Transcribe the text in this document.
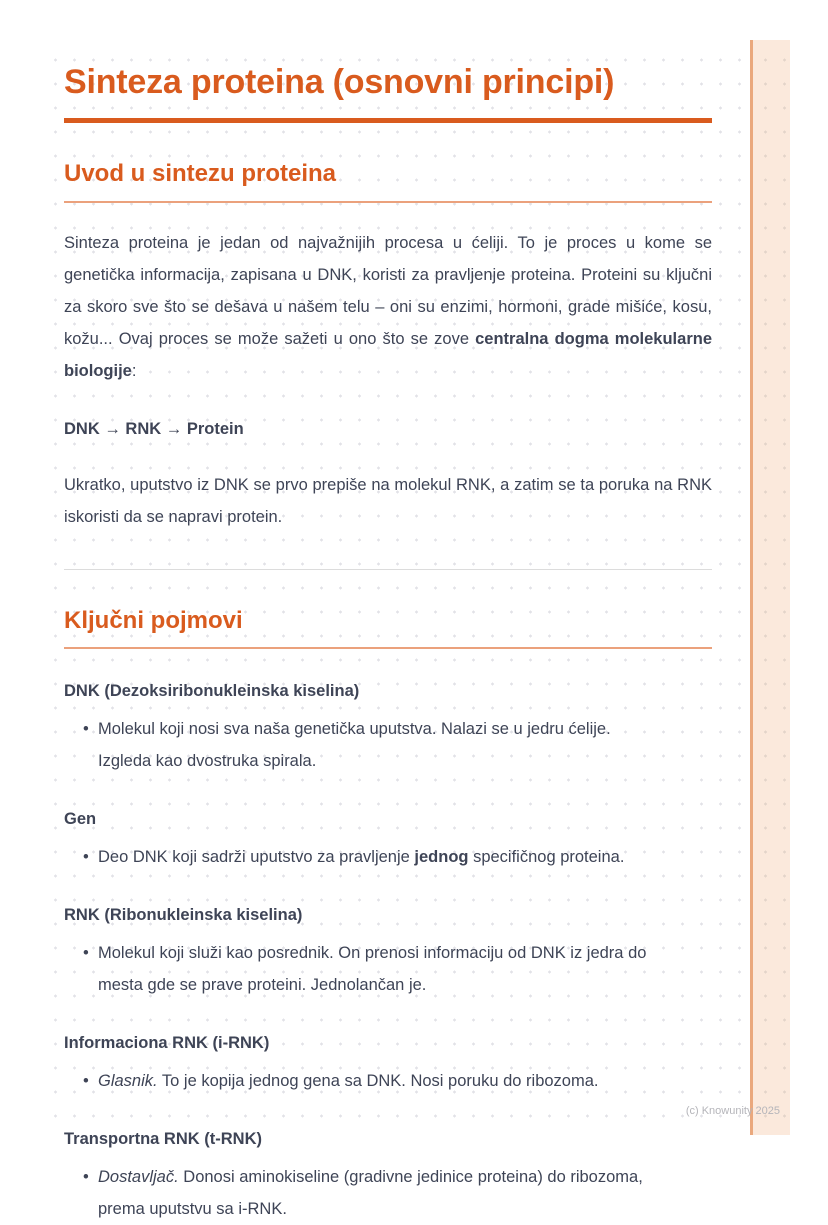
Sinteza proteina (osnovni principi)
Uvod u sintezu proteina

Sinteza proteina je jedan od najvažnijih procesa u ćeliji. To je proces u kome se genetička informacija, zapisana u DNK, koristi za pravljenje proteina. Proteini su ključni za skoro sve što se dešava u našem telu – oni su enzimi, hormoni, grade mišiće, kosu, kožu... Ovaj proces se može sažeti u ono što se zove centralna dogma molekularne biologije:

DNK → RNK → Protein

Ukratko, uputstvo iz DNK se prvo prepiše na molekul RNK, a zatim se ta poruka na RNK iskoristi da se napravi protein.

Ključni pojmovi

DNK (Dezoksiribonukleinska kiselina)

• Molekul koji nosi sva naša genetička uputstva. Nalazi se u jedru ćelije. Izgleda kao dvostruka spirala.

Gen

• Deo DNK koji sadrži uputstvo za pravljenje jednog specifičnog proteina.

RNK (Ribonukleinska kiselina)

• Molekul koji služi kao posrednik. On prenosi informaciju od DNK iz jedra do mesta gde se prave proteini. Jednolančan je.

Informaciona RNK (i-RNK)

• Glasnik. To je kopija jednog gena sa DNK. Nosi poruku do ribozoma.

Transportna RNK (t-RNK)

• Dostavljač. Donosi aminokiseline (gradivne jedinice proteina) do ribozoma, prema uputstvu sa i-RNK.
(c) Knowunity 2025
